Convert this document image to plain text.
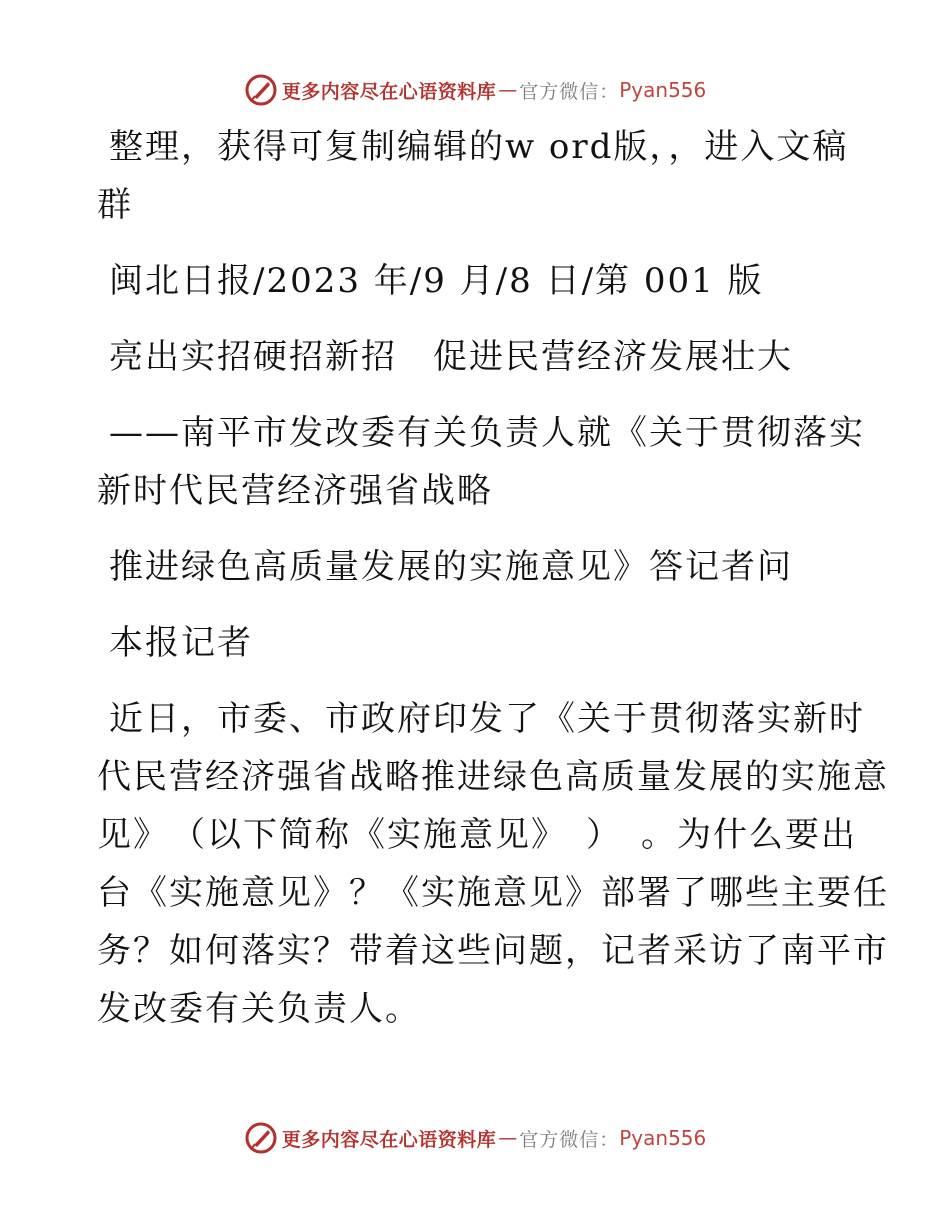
更多内容尽在心语资料库 — 官方微信： Pyan556

整理，获得可复制编辑的w ord版，，进入文稿
群

闽北日报/2023 年/9 月/8 日/第 001 版

亮出实招硬招新招　促进民营经济发展壮大

——南平市发改委有关负责人就《关于贯彻落实
新时代民营经济强省战略

推进绿色高质量发展的实施意见》答记者问

本报记者

近日，市委、市政府印发了《关于贯彻落实新时
代民营经济强省战略推进绿色高质量发展的实施意
见》　（以下简称《实施意见》　）　。为什么要出
台《实施意见》？《实施意见》部署了哪些主要任
务？如何落实？带着这些问题，记者采访了南平市
发改委有关负责人。

更多内容尽在心语资料库 — 官方微信： Pyan556
